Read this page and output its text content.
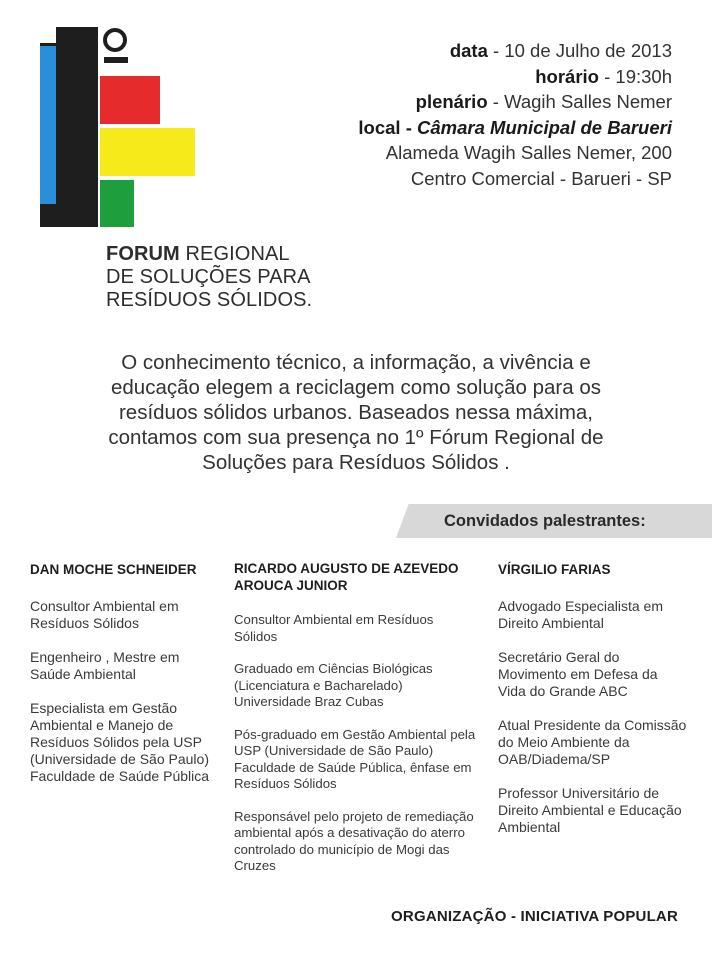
FORUM REGIONAL
DE SOLUÇÕES PARA
RESÍDUOS SÓLIDOS.
data - 10 de Julho de 2013
horário - 19:30h
plenário - Wagih Salles Nemer
local - Câmara Municipal de Barueri
Alameda Wagih Salles Nemer, 200
Centro Comercial - Barueri - SP
O conhecimento técnico, a informação, a vivência e
educação elegem a reciclagem como solução para os
resíduos sólidos urbanos. Baseados nessa máxima,
contamos com sua presença no 1º Fórum Regional de
Soluções para Resíduos Sólidos .
Convidados palestrantes:
DAN MOCHE SCHNEIDER

Consultor Ambiental em Resíduos Sólidos

Engenheiro , Mestre em Saúde Ambiental

Especialista em Gestão Ambiental e Manejo de Resíduos Sólidos pela USP (Universidade de São Paulo) Faculdade de Saúde Pública

RICARDO AUGUSTO DE AZEVEDO AROUCA JUNIOR

Consultor Ambiental em Resíduos Sólidos

Graduado em Ciências Biológicas (Licenciatura e Bacharelado) Universidade Braz Cubas

Pós-graduado em Gestão Ambiental pela USP (Universidade de São Paulo) Faculdade de Saúde Pública, ênfase em Resíduos Sólidos

Responsável pelo projeto de remediação ambiental após a desativação do aterro controlado do município de Mogi das Cruzes

VÍRGILIO FARIAS

Advogado Especialista em Direito Ambiental

Secretário Geral do Movimento em Defesa da Vida do Grande ABC

Atual Presidente da Comissão do Meio Ambiente da OAB/Diadema/SP

Professor Universitário de Direito Ambiental e Educação Ambiental

ORGANIZAÇÃO - INICIATIVA POPULAR
